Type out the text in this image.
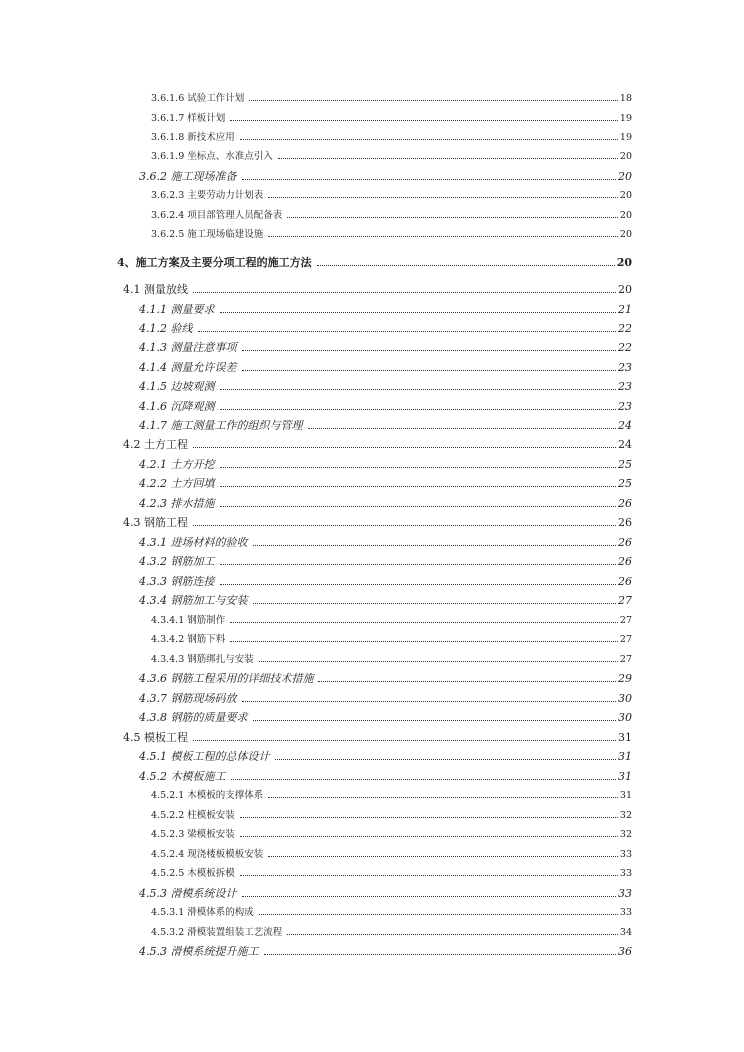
3.6.1.6 试验工作计划	18
3.6.1.7 样板计划	19
3.6.1.8 新技术应用	19
3.6.1.9 坐标点、水准点引入	20
3.6.2 施工现场准备	20
3.6.2.3 主要劳动力计划表	20
3.6.2.4 项目部管理人员配备表	20
3.6.2.5 施工现场临建设施	20
4、施工方案及主要分项工程的施工方法	20
4.1 测量放线	20
4.1.1 测量要求	21
4.1.2 验线	22
4.1.3 测量注意事项	22
4.1.4 测量允许误差	23
4.1.5 边坡观测	23
4.1.6 沉降观测	23
4.1.7 施工测量工作的组织与管理	24
4.2 土方工程	24
4.2.1 土方开挖	25
4.2.2 土方回填	25
4.2.3 排水措施	26
4.3 钢筋工程	26
4.3.1 进场材料的验收	26
4.3.2 钢筋加工	26
4.3.3 钢筋连接	26
4.3.4 钢筋加工与安装	27
4.3.4.1 钢筋制作	27
4.3.4.2 钢筋下料	27
4.3.4.3 钢筋绑扎与安装	27
4.3.6 钢筋工程采用的详细技术措施	29
4.3.7 钢筋现场码放	30
4.3.8 钢筋的质量要求	30
4.5 模板工程	31
4.5.1 模板工程的总体设计	31
4.5.2 木模板施工	31
4.5.2.1 木模板的支撑体系	31
4.5.2.2 柱模板安装	32
4.5.2.3 梁模板安装	32
4.5.2.4 现浇楼板模板安装	33
4.5.2.5 木模板拆模	33
4.5.3 滑模系统设计	33
4.5.3.1 滑模体系的构成	33
4.5.3.2 滑模装置组装工艺流程	34
4.5.3 滑模系统提升施工	36
